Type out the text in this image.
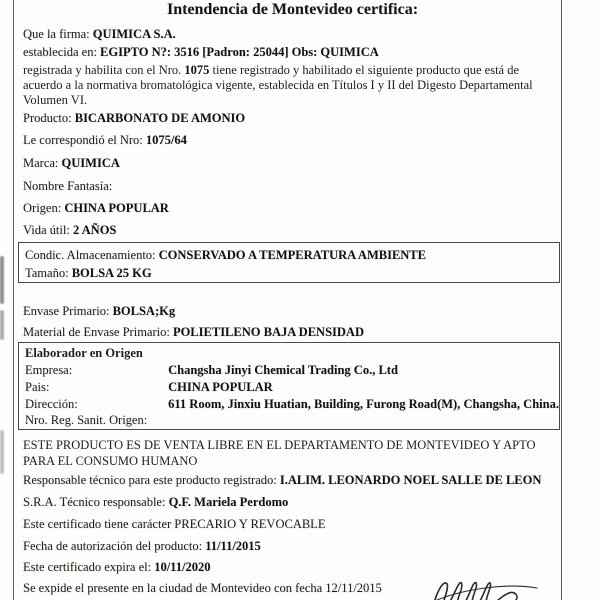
Intendencia de Montevideo certifica:
Que la firma: QUIMICA S.A.
establecida en: EGIPTO N?: 3516 [Padron: 25044] Obs: QUIMICA
registrada y habilita con el Nro. 1075 tiene registrado y habilitado el siguiente producto que está de
acuerdo a la normativa bromatológica vigente, establecida en Títulos I y II del Digesto Departamental
Volumen VI.
Producto: BICARBONATO DE AMONIO
Le correspondió el Nro: 1075/64
Marca: QUIMICA
Nombre Fantasía:
Origen: CHINA POPULAR
Vida útil: 2 AÑOS
Condic. Almacenamiento: CONSERVADO A TEMPERATURA AMBIENTE
Tamaño: BOLSA 25 KG
Envase Primario: BOLSA;Kg
Material de Envase Primario: POLIETILENO BAJA DENSIDAD
Elaborador en Origen
Empresa:	Changsha Jinyi Chemical Trading Co., Ltd
Pais:	CHINA POPULAR
Dirección:	611 Room, Jinxiu Huatian, Building, Furong Road(M), Changsha, China.
Nro. Reg. Sanit. Origen:
ESTE PRODUCTO ES DE VENTA LIBRE EN EL DEPARTAMENTO DE MONTEVIDEO Y APTO
PARA EL CONSUMO HUMANO
Responsable técnico para este producto registrado: I.ALIM. LEONARDO NOEL SALLE DE LEON
S.R.A. Técnico responsable: Q.F. Mariela Perdomo
Este certificado tiene carácter PRECARIO Y REVOCABLE
Fecha de autorización del producto: 11/11/2015
Este certificado expira el: 10/11/2020
Se expide el presente en la ciudad de Montevideo con fecha 12/11/2015
